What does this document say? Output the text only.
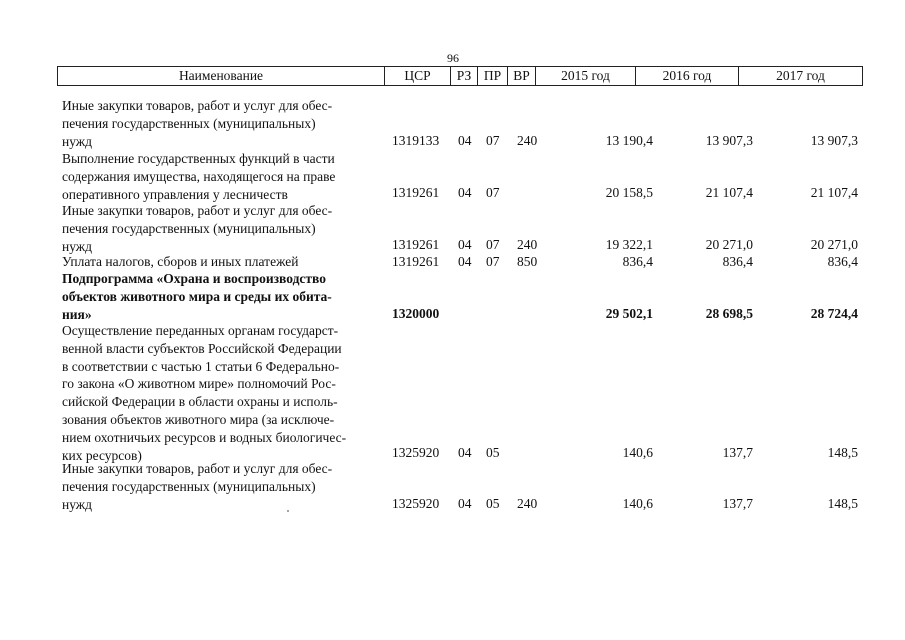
96
Наименование	ЦСР	РЗ ПР ВР	2015 год	2016 год	2017 год
Иные закупки товаров, работ и услуг для обес-
печения государственных (муниципальных)
нужд	1319133	04 07 240	13 190,4	13 907,3	13 907,3
Выполнение государственных функций в части
содержания имущества, находящегося на праве
оперативного управления у лесничеств	1319261	04 07	20 158,5	21 107,4	21 107,4
Иные закупки товаров, работ и услуг для обес-
печения государственных (муниципальных)
нужд	1319261	04 07 240	19 322,1	20 271,0	20 271,0
Уплата налогов, сборов и иных платежей	1319261	04 07 850	836,4	836,4	836,4
Подпрограмма «Охрана и воспроизводство
объектов животного мира и среды их обита-
ния»	1320000	29 502,1	28 698,5	28 724,4
Осуществление переданных органам государст-
венной власти субъектов Российской Федерации
в соответствии с частью 1 статьи 6 Федерально-
го закона «О животном мире» полномочий Рос-
сийской Федерации в области охраны и исполь-
зования объектов животного мира (за исключе-
нием охотничьих ресурсов и водных биологичес-
ких ресурсов)	1325920	04 05	140,6	137,7	148,5
Иные закупки товаров, работ и услуг для обес-
печения государственных (муниципальных)
нужд	1325920	04 05 240	140,6	137,7	148,5
